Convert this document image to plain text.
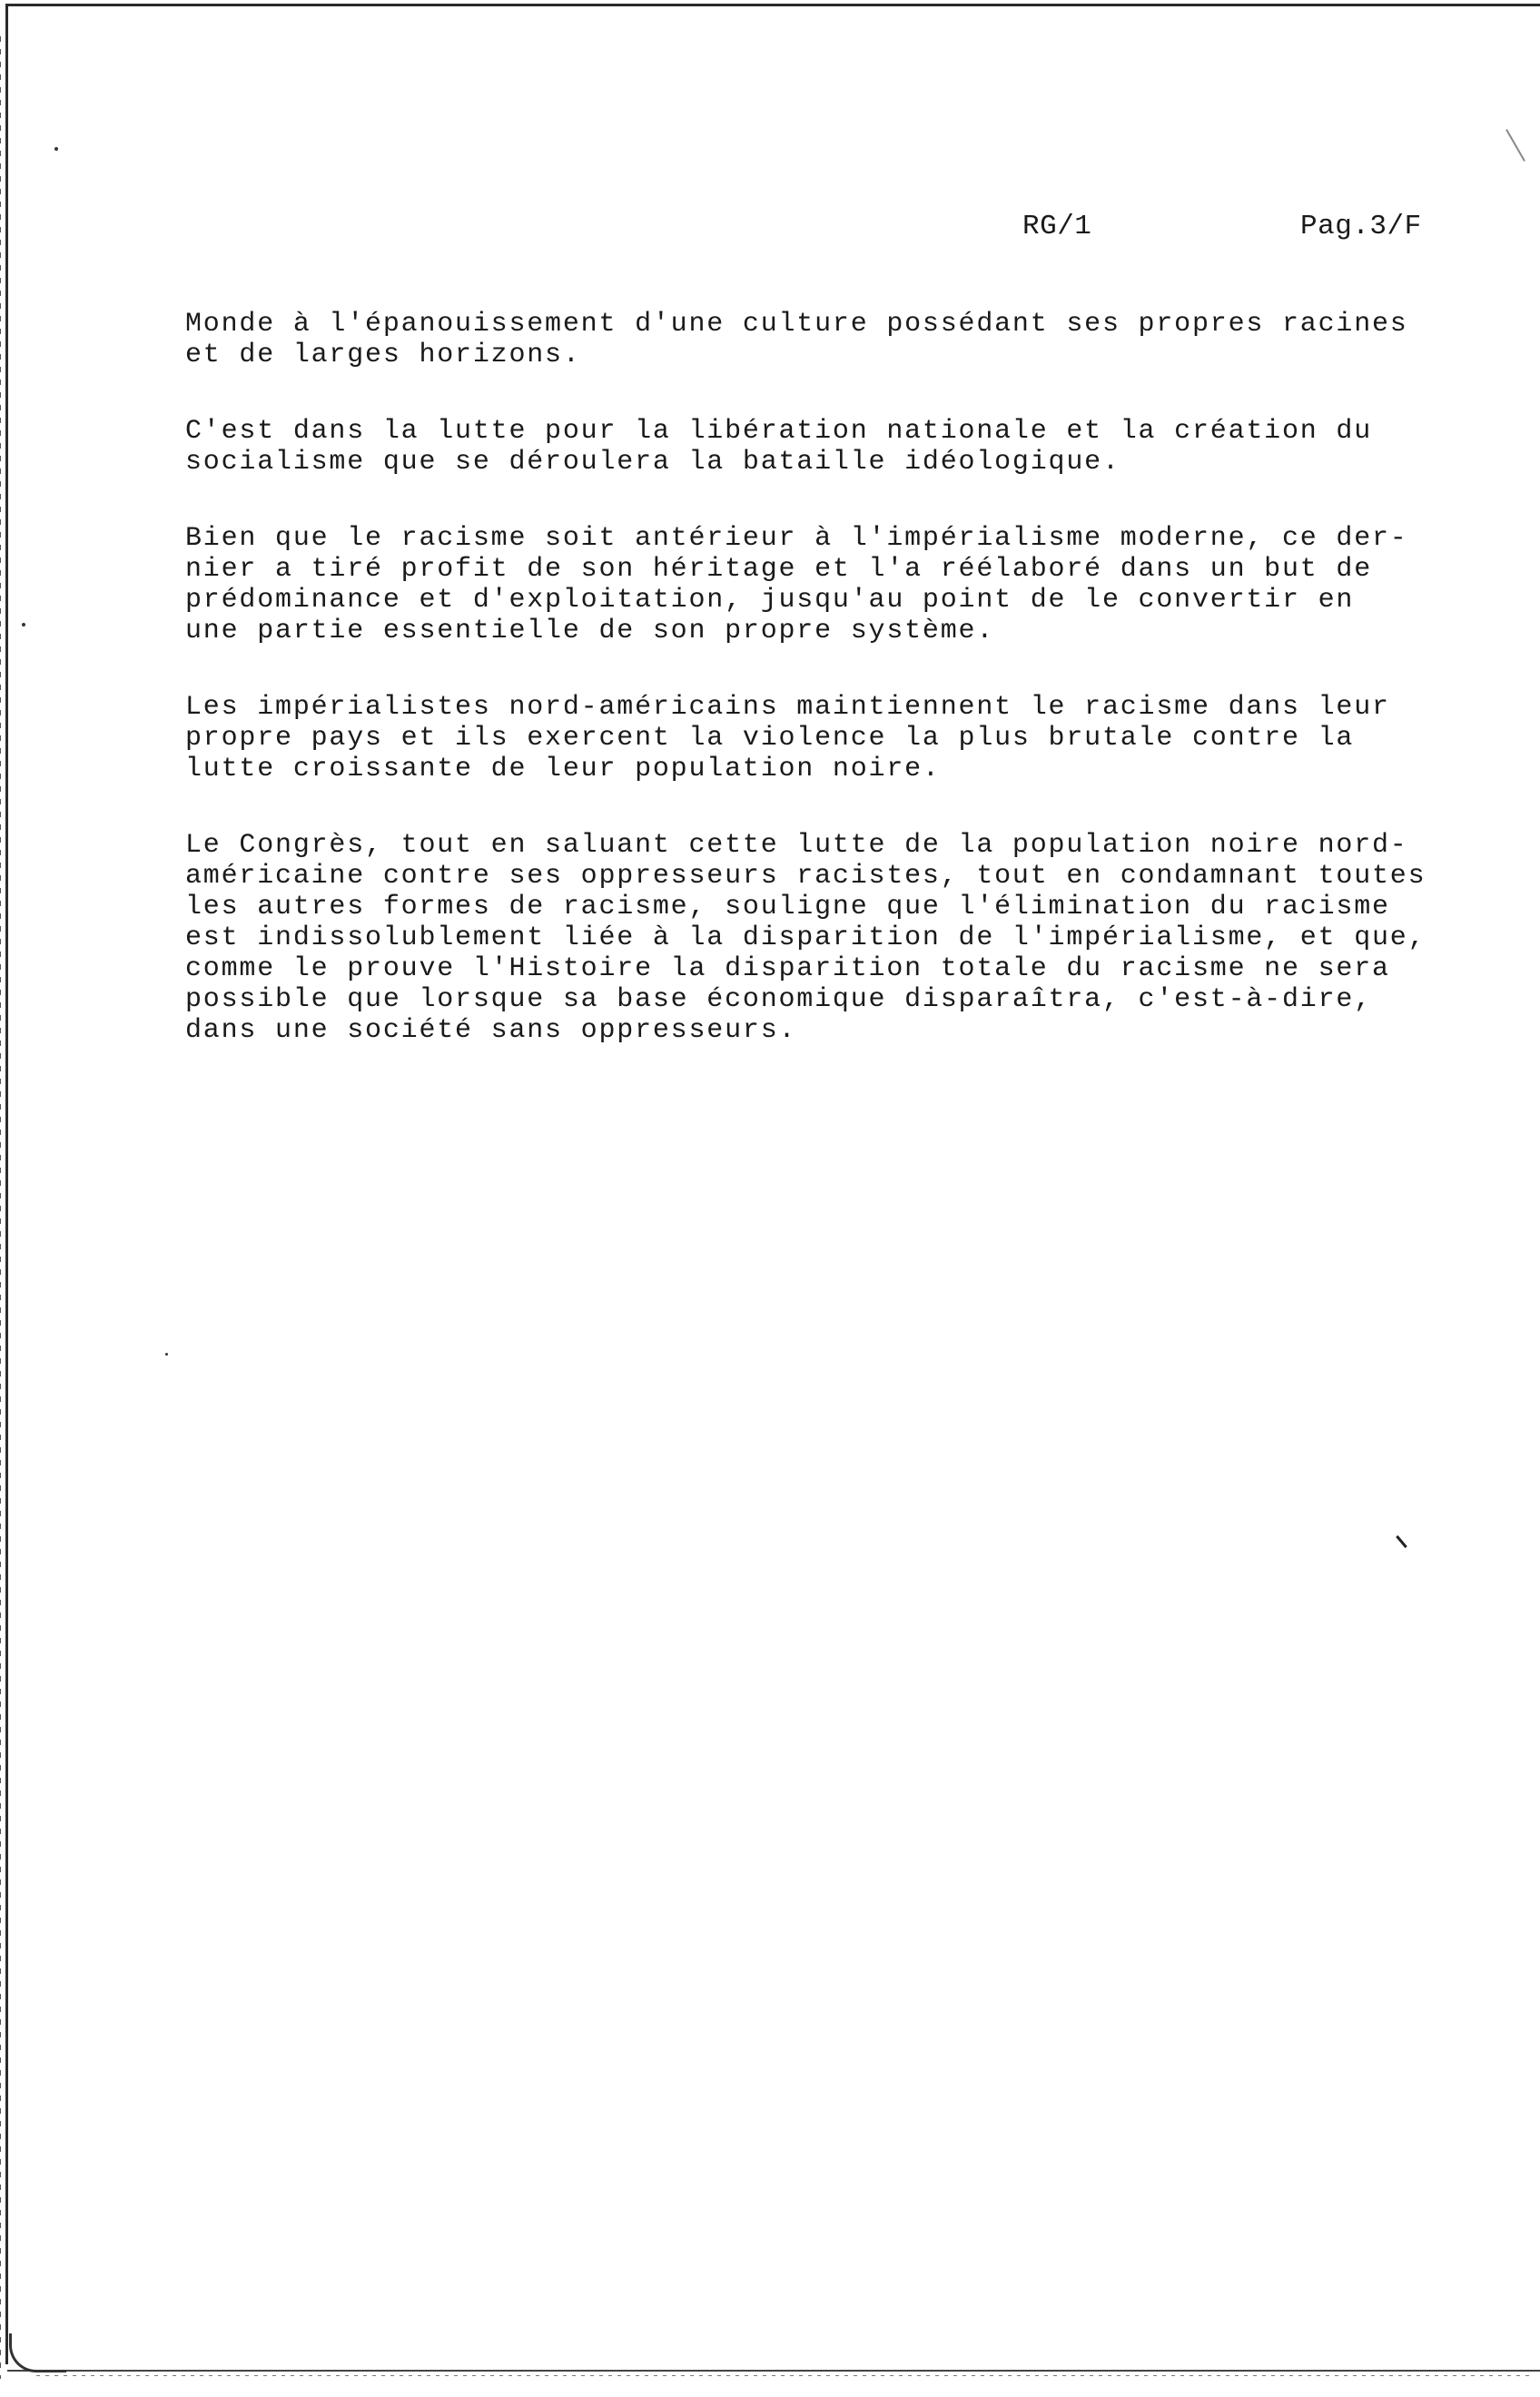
RG/1	Pag.3/F
Monde à l'épanouissement d'une culture possédant ses propres racines
et de larges horizons.
C'est dans la lutte pour la libération nationale et la création du
socialisme que se déroulera la bataille idéologique.
Bien que le racisme soit antérieur à l'impérialisme moderne, ce der-
nier a tiré profit de son héritage et l'a réélaboré dans un but de
prédominance et d'exploitation, jusqu'au point de le convertir en
une partie essentielle de son propre système.
Les impérialistes nord-américains maintiennent le racisme dans leur
propre pays et ils exercent la violence la plus brutale contre la
lutte croissante de leur population noire.
Le Congrès, tout en saluant cette lutte de la population noire nord-
américaine contre ses oppresseurs racistes, tout en condamnant toutes
les autres formes de racisme, souligne que l'élimination du racisme
est indissolublement liée à la disparition de l'impérialisme, et que,
comme le prouve l'Histoire la disparition totale du racisme ne sera
possible que lorsque sa base économique disparaîtra, c'est-à-dire,
dans une société sans oppresseurs.
